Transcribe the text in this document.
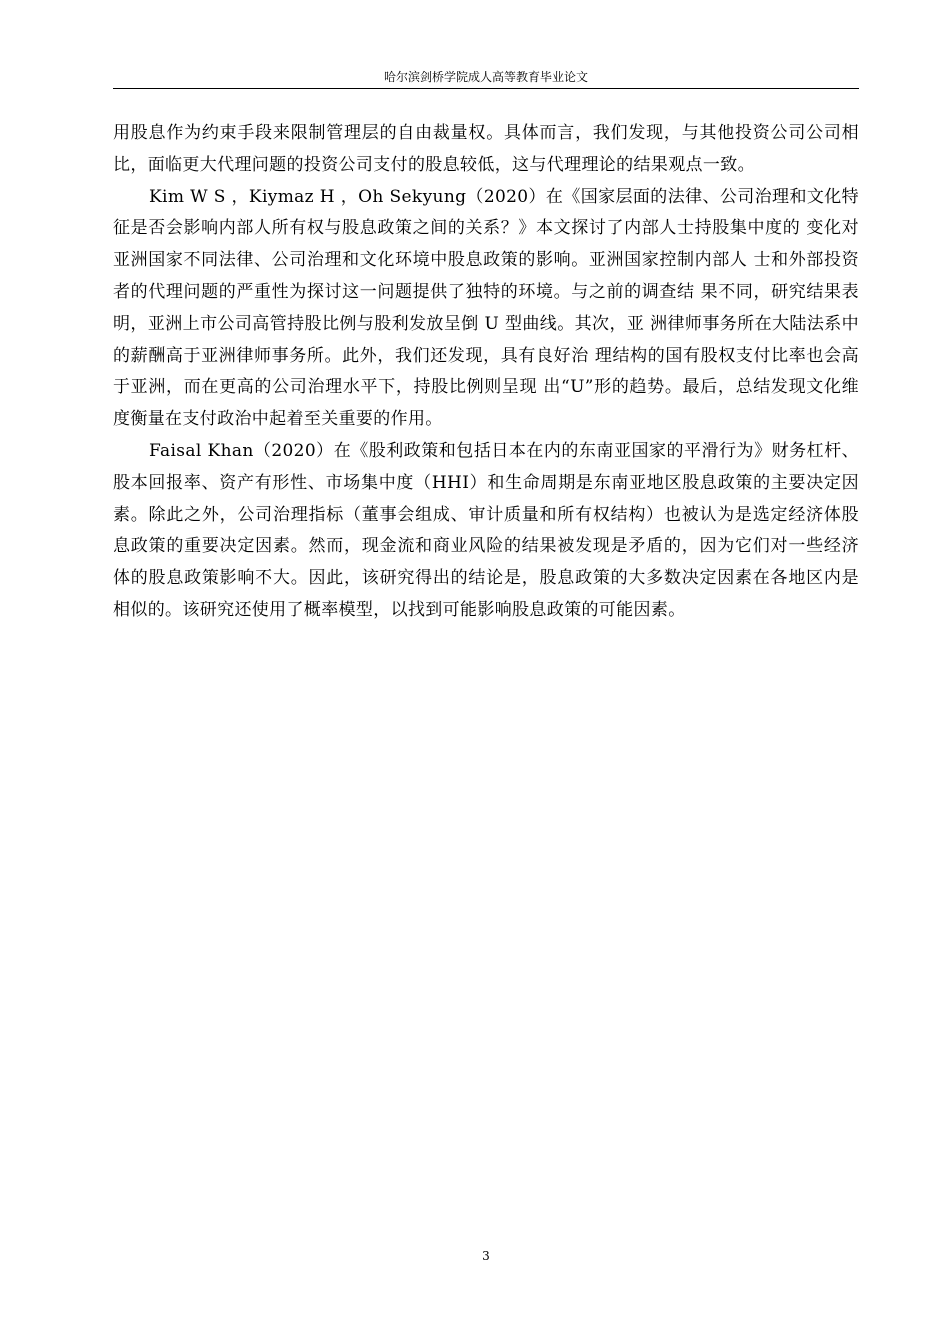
哈尔滨剑桥学院成人高等教育毕业论文

用股息作为约束手段来限制管理层的自由裁量权。具体而言，我们发现，与其他投资公司公司相比，面临更大代理问题的投资公司支付的股息较低，这与代理理论的结果观点一致。

Kim W S ，Kiymaz H ，Oh Sekyung（2020）在《国家层面的法律、公司治理和文化特 征是否会影响内部人所有权与股息政策之间的关系？》本文探讨了内部人士持股集中度的 变化对亚洲国家不同法律、公司治理和文化环境中股息政策的影响。亚洲国家控制内部人 士和外部投资者的代理问题的严重性为探讨这一问题提供了独特的环境。与之前的调查结 果不同，研究结果表明，亚洲上市公司高管持股比例与股利发放呈倒 U 型曲线。其次，亚 洲律师事务所在大陆法系中的薪酬高于亚洲律师事务所。此外，我们还发现，具有良好治 理结构的国有股权支付比率也会高于亚洲，而在更高的公司治理水平下，持股比例则呈现 出“U”形的趋势。最后，总结发现文化维度衡量在支付政治中起着至关重要的作用。

Faisal Khan（2020）在《股利政策和包括日本在内的东南亚国家的平滑行为》财务杠杆、股本回报率、资产有形性、市场集中度（HHI）和生命周期是东南亚地区股息政策的主要决定因素。除此之外，公司治理指标（董事会组成、审计质量和所有权结构）也被认为是选定经济体股息政策的重要决定因素。然而，现金流和商业风险的结果被发现是矛盾的，因为它们对一些经济体的股息政策影响不大。因此，该研究得出的结论是，股息政策的大多数决定因素在各地区内是相似的。该研究还使用了概率模型，以找到可能影响股息政策的可能因素。

3
